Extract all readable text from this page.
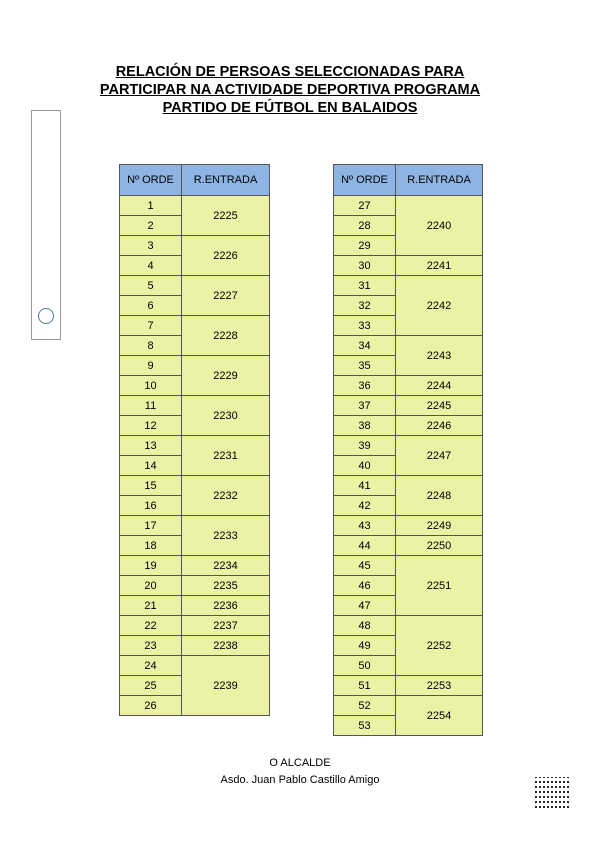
RELACIÓN DE PERSOAS SELECCIONADAS PARA
PARTICIPAR NA ACTIVIDADE DEPORTIVA PROGRAMA
PARTIDO DE FÚTBOL EN BALAIDOS
Nº ORDE	R.ENTRADA
1	2225
2	
3	2226
4	
5	2227
6	
7	2228
8	
9	2229
10	
11	2230
12	
13	2231
14	
15	2232
16	
17	2233
18	
19	2234
20	2235
21	2236
22	2237
23	2238
24	2239
25	
26	
Nº ORDE	R.ENTRADA
27	2240
28	
29	
30	2241
31	2242
32	
33	
34	2243
35	
36	2244
37	2245
38	2246
39	2247
40	
41	2248
42	
43	2249
44	2250
45	2251
46	
47	
48	2252
49	
50	
51	2253
52	2254
53	
O ALCALDE
Asdo. Juan Pablo Castillo Amigo
